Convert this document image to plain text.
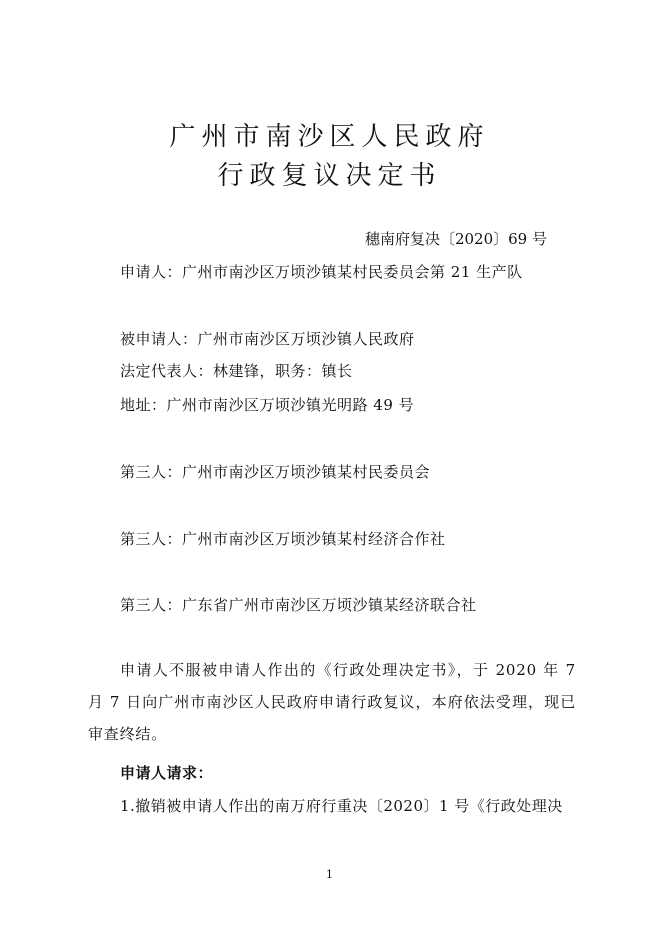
广州市南沙区人民政府
行政复议决定书
穗南府复决〔2020〕69 号
申请人：广州市南沙区万顷沙镇某村民委员会第 21 生产队
被申请人：广州市南沙区万顷沙镇人民政府
法定代表人：林建锋，职务：镇长
地址：广州市南沙区万顷沙镇光明路 49 号
第三人：广州市南沙区万顷沙镇某村民委员会
第三人：广州市南沙区万顷沙镇某村经济合作社
第三人：广东省广州市南沙区万顷沙镇某经济联合社
申请人不服被申请人作出的《行政处理决定书》，于 2020 年 7 月 7 日向广州市南沙区人民政府申请行政复议，本府依法受理，现已审查终结。
申请人请求：
1.撤销被申请人作出的南万府行重决〔2020〕1 号《行政处理决
1
